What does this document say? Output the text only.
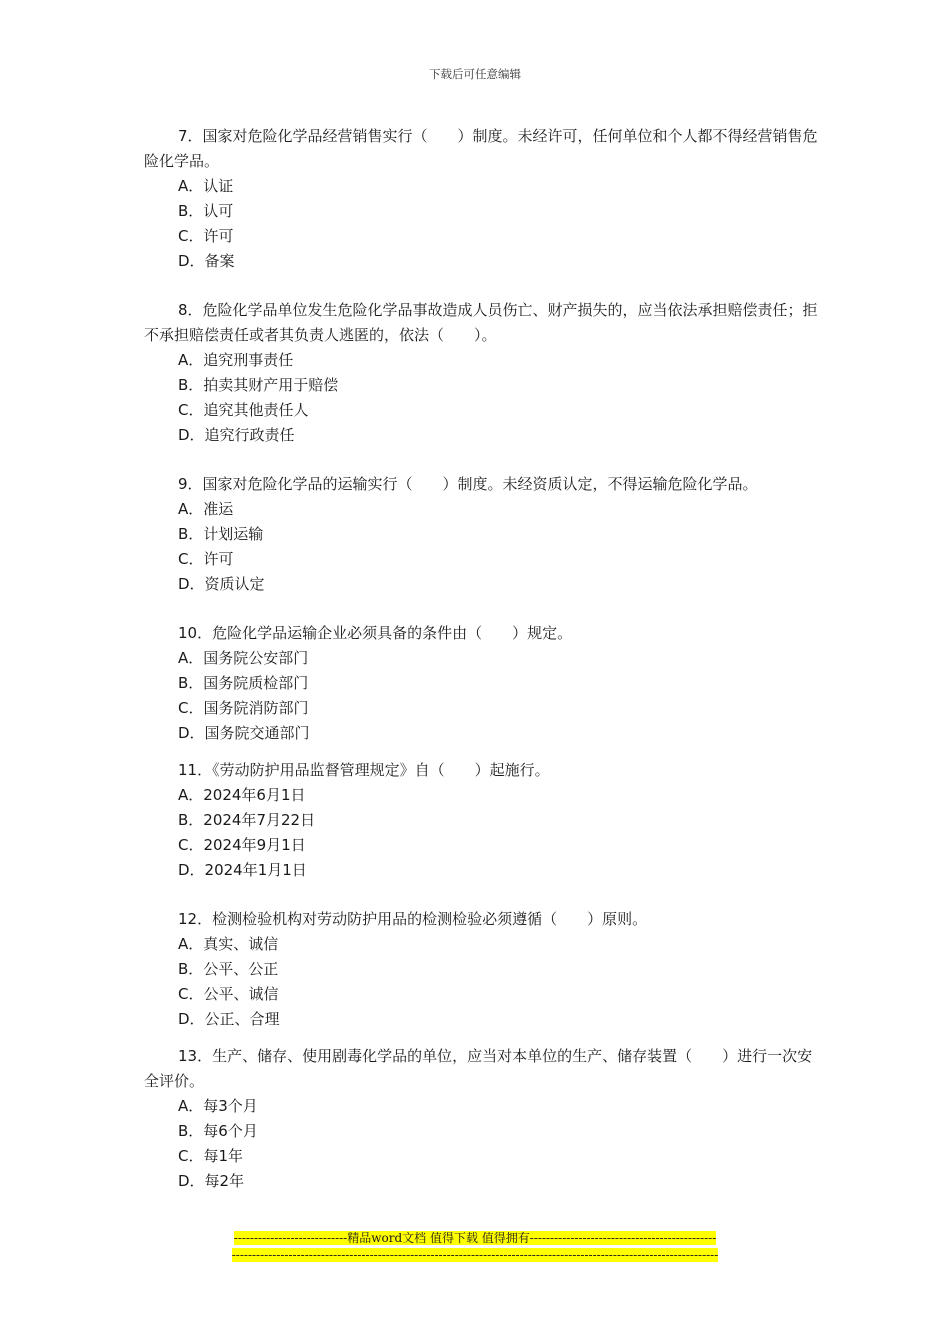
下载后可任意编辑

7．国家对危险化学品经营销售实行（　　）制度。未经许可，任何单位和个人都不得经营销售危险化学品。

A．认证

B．认可

C．许可

D．备案

8．危险化学品单位发生危险化学品事故造成人员伤亡、财产损失的，应当依法承担赔偿责任；拒不承担赔偿责任或者其负责人逃匿的，依法（　　）。

A．追究刑事责任

B．拍卖其财产用于赔偿

C．追究其他责任人

D．追究行政责任

9．国家对危险化学品的运输实行（　　）制度。未经资质认定，不得运输危险化学品。

A．准运

B．计划运输

C．许可

D．资质认定

10．危险化学品运输企业必须具备的条件由（　　）规定。

A．国务院公安部门

B．国务院质检部门

C．国务院消防部门

D．国务院交通部门

11．《劳动防护用品监督管理规定》自（　　）起施行。

A．2024年6月1日

B．2024年7月22日

C．2024年9月1日

D．2024年1月1日

12．检测检验机构对劳动防护用品的检测检验必须遵循（　　）原则。

A．真实、诚信

B．公平、公正

C．公平、诚信

D．公正、合理

13．生产、储存、使用剧毒化学品的单位，应当对本单位的生产、储存装置（　　）进行一次安全评价。

A．每3个月

B．每6个月

C．每1年

D．每2年

----------------------------精品word文档 值得下载 值得拥有----------------------------------------------
------------------------------------------------------------------------------------------------------------------------
